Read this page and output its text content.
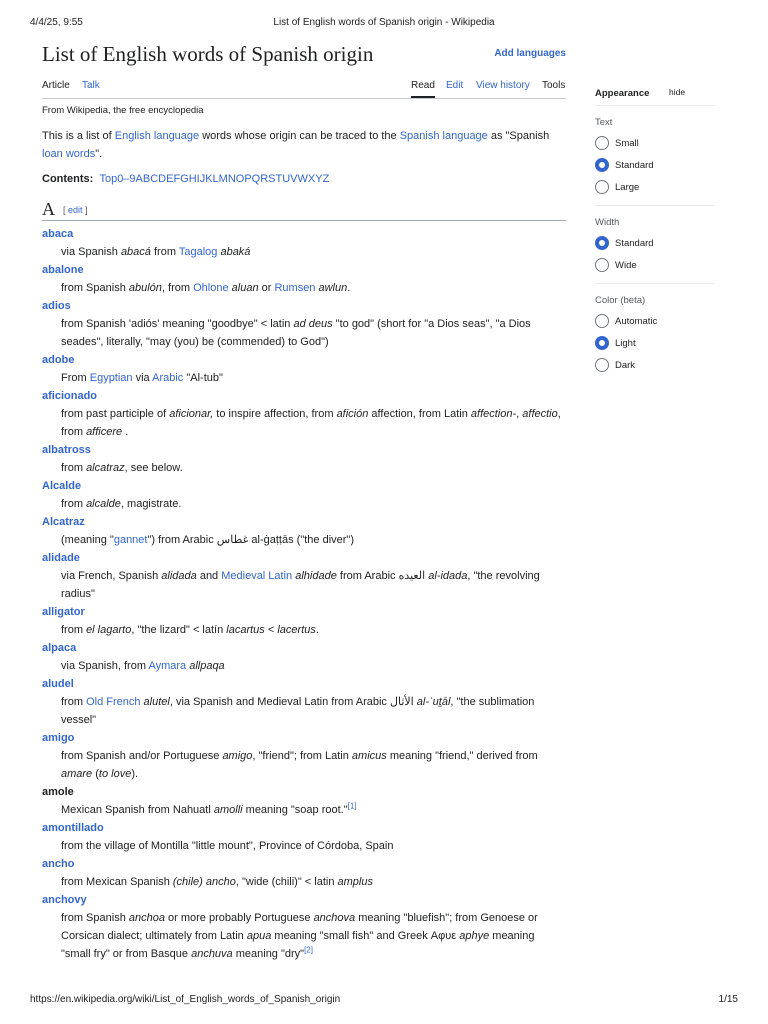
4/4/25, 9:55	List of English words of Spanish origin - Wikipedia
List of English words of Spanish origin	Add languages
Article Talk	Read Edit View history Tools
From Wikipedia, the free encyclopedia

This is a list of English language words whose origin can be traced to the Spanish language as "Spanish loan words".

Contents: Top0–9ABCDEFGHIJKLMNOPQRSTUVWXYZ

A [ edit ]
abaca
via Spanish abacá from Tagalog abaká
abalone
from Spanish abulón, from Ohlone aluan or Rumsen awlun.
adios
from Spanish 'adiós' meaning "goodbye" < latin ad deus "to god" (short for "a Dios seas", "a Dios seades", literally, "may (you) be (commended) to God")
adobe
From Egyptian via Arabic "Al-tub"
aficionado
from past participle of aficionar, to inspire affection, from afición affection, from Latin affection-, affectio, from afficere .
albatross
from alcatraz, see below.
Alcalde
from alcalde, magistrate.
Alcatraz
(meaning "gannet") from Arabic غطاس al-ġaṭṭās ("the diver")
alidade
via French, Spanish alidada and Medieval Latin alhidade from Arabic العيده al-idada, "the revolving radius"
alligator
from el lagarto, "the lizard" < latín lacartus < lacertus.
alpaca
via Spanish, from Aymara allpaqa
aludel
from Old French alutel, via Spanish and Medieval Latin from Arabic الأثال al-ʾuṯāl, "the sublimation vessel"
amigo
from Spanish and/or Portuguese amigo, "friend"; from Latin amicus meaning "friend," derived from amare (to love).
amole
Mexican Spanish from Nahuatl amolli meaning "soap root."[1]
amontillado
from the village of Montilla "little mount", Province of Córdoba, Spain
ancho
from Mexican Spanish (chile) ancho, "wide (chili)" < latin amplus
anchovy
from Spanish anchoa or more probably Portuguese anchova meaning "bluefish"; from Genoese or Corsican dialect; ultimately from Latin apua meaning "small fish" and Greek Αφυε aphye meaning "small fry" or from Basque anchuva meaning "dry"[2]
Appearance hide
Text
Small
Standard
Large
Width
Standard
Wide
Color (beta)
Automatic
Light
Dark
https://en.wikipedia.org/wiki/List_of_English_words_of_Spanish_origin	1/15
